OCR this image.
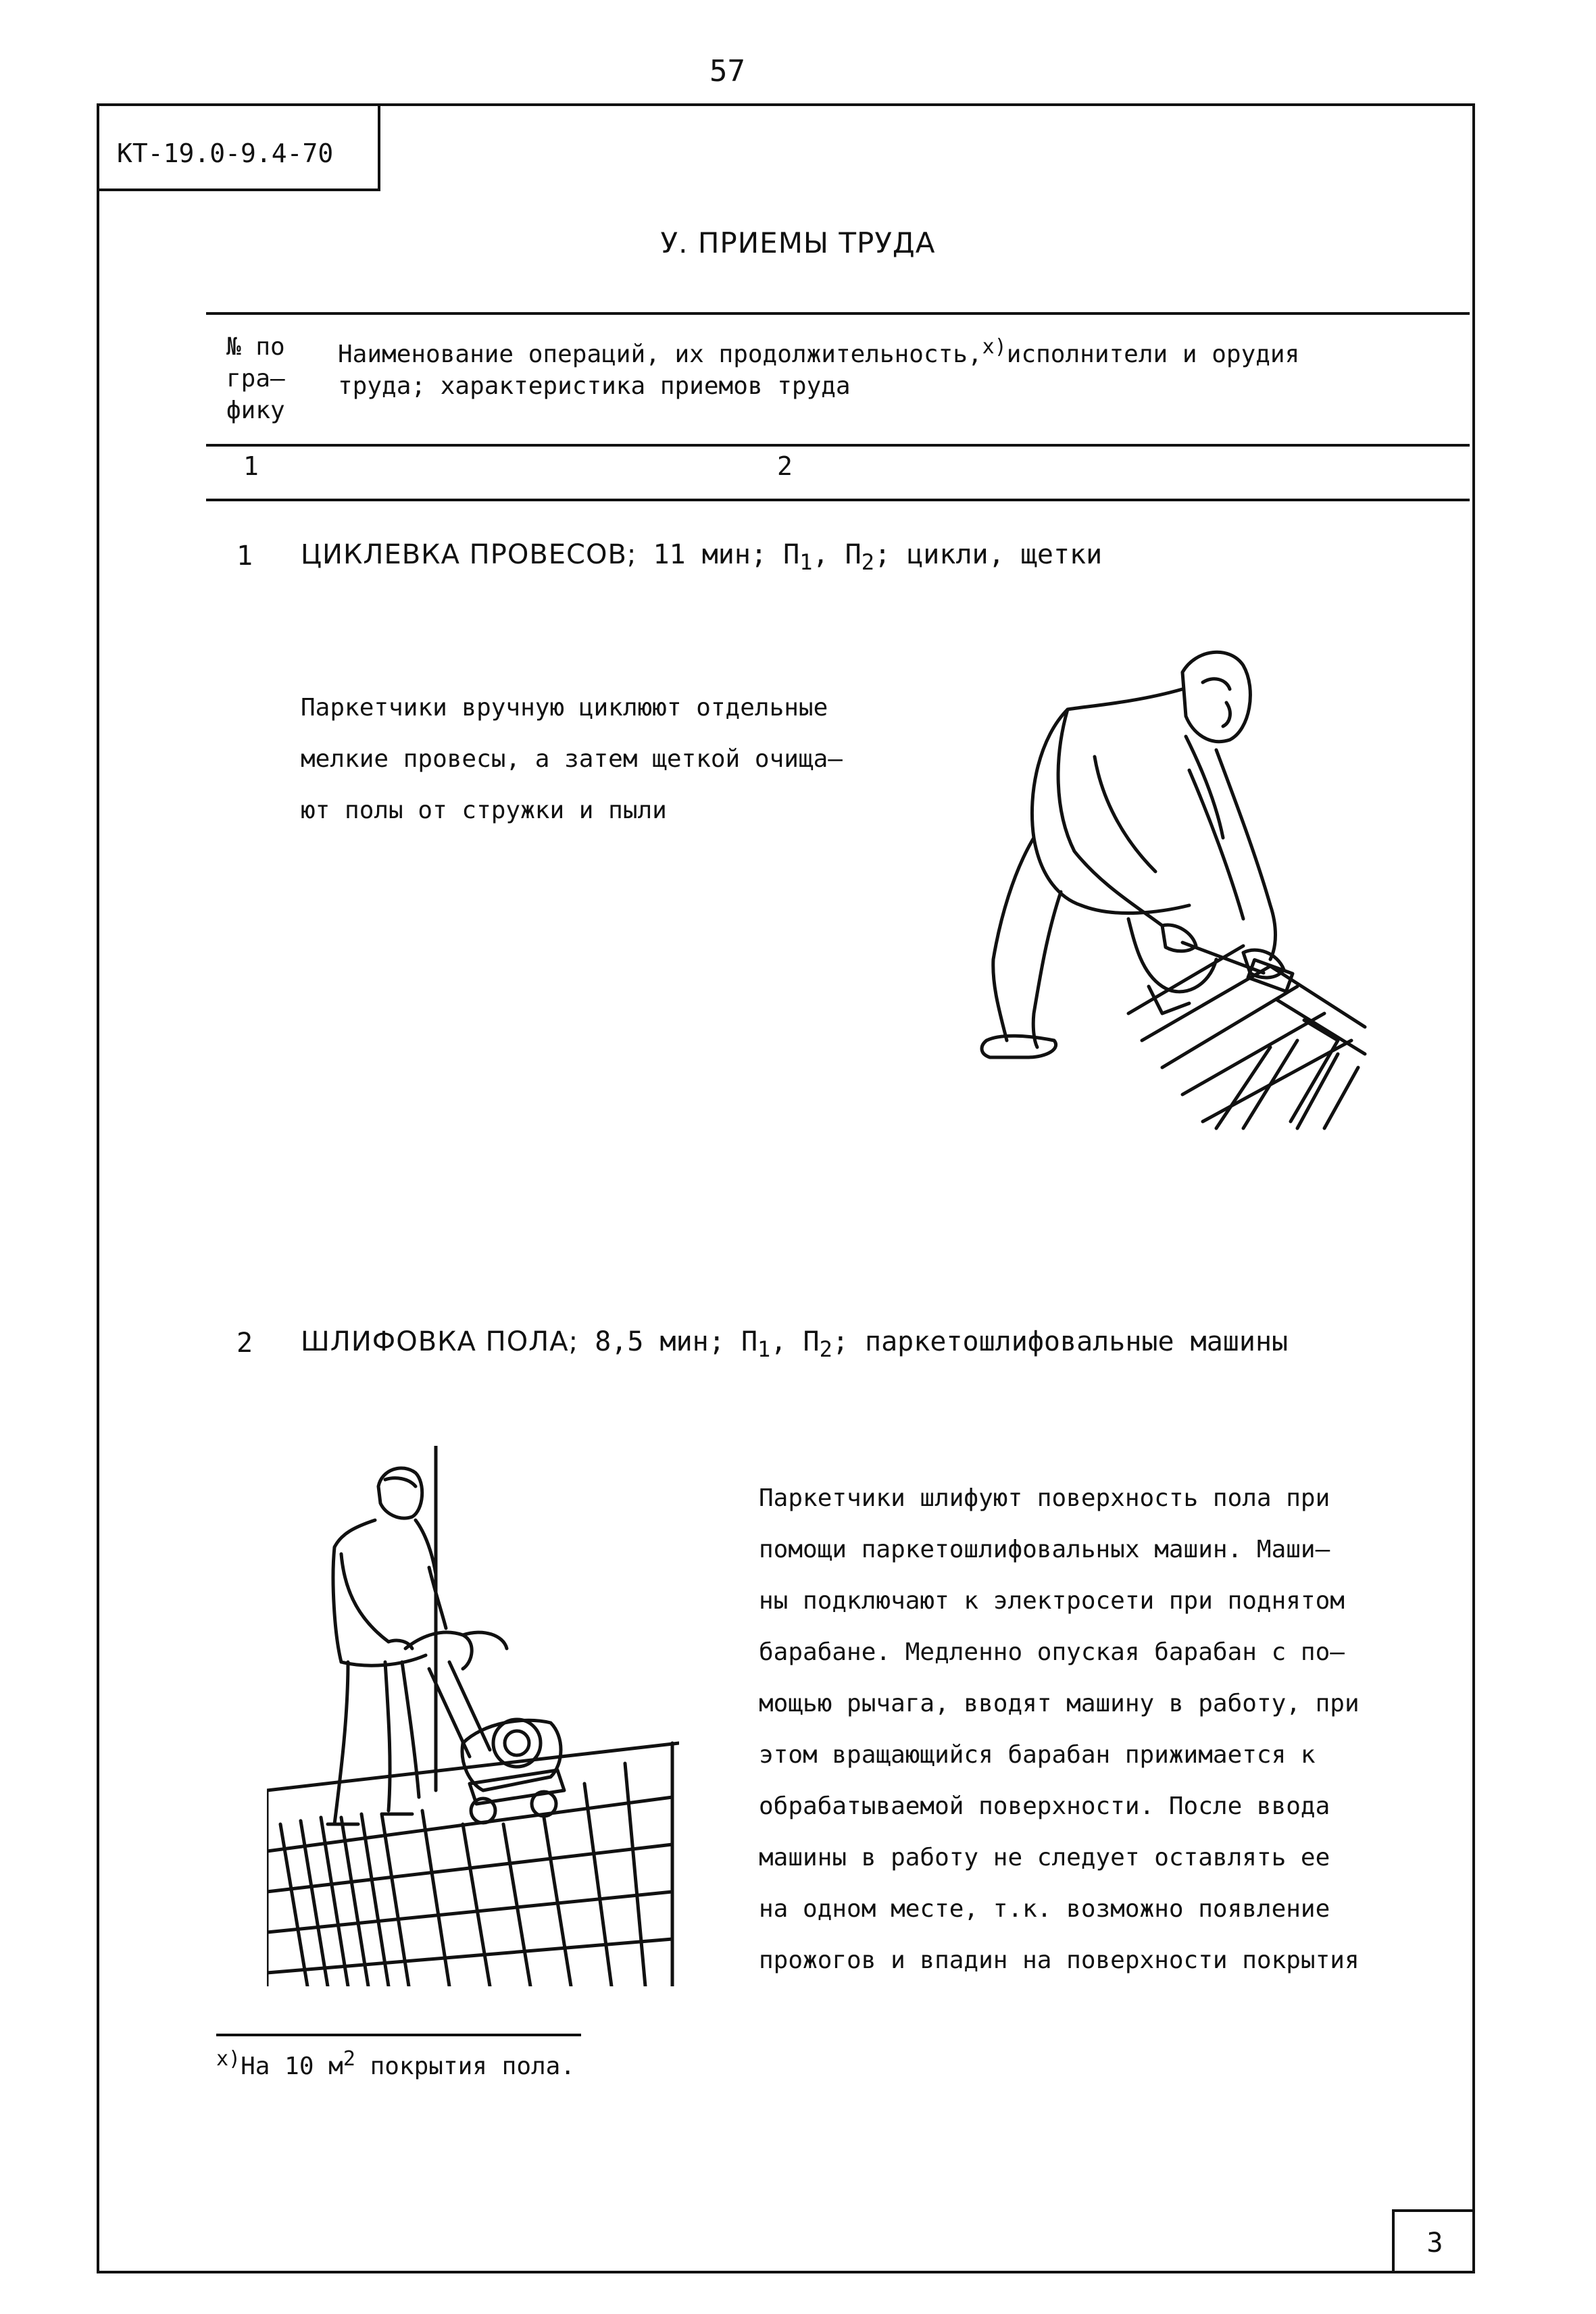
57
КТ-19.0-9.4-70
У. ПРИЕМЫ ТРУДА
№ по
гра–
фику
Наименование операций, их продолжительность,$^{x)}$исполнители и орудия
труда; характеристика приемов труда
1	2
1 ЦИКЛЕВКА ПРОВЕСОВ; 11 мин; $П_1$, $П_2$; цикли, щетки
Паркетчики вручную циклюют отдельные
мелкие провесы, а затем щеткой очища–
ют полы от стружки и пыли
2 ШЛИФОВКА ПОЛА; 8,5 мин; $П_1$, $П_2$; паркетошлифовальные машины
Паркетчики шлифуют поверхность пола при
помощи паркетошлифовальных машин. Маши–
ны подключают к электросети при поднятом
барабане. Медленно опуская барабан с по–
мощью рычага, вводят машину в работу, при
этом вращающийся барабан прижимается к
обрабатываемой поверхности. После ввода
машины в работу не следует оставлять ее
на одном месте, т.к. возможно появление
прожогов и впадин на поверхности покрытия
$^{x)}$На 10 $м^2$ покрытия пола.
3
